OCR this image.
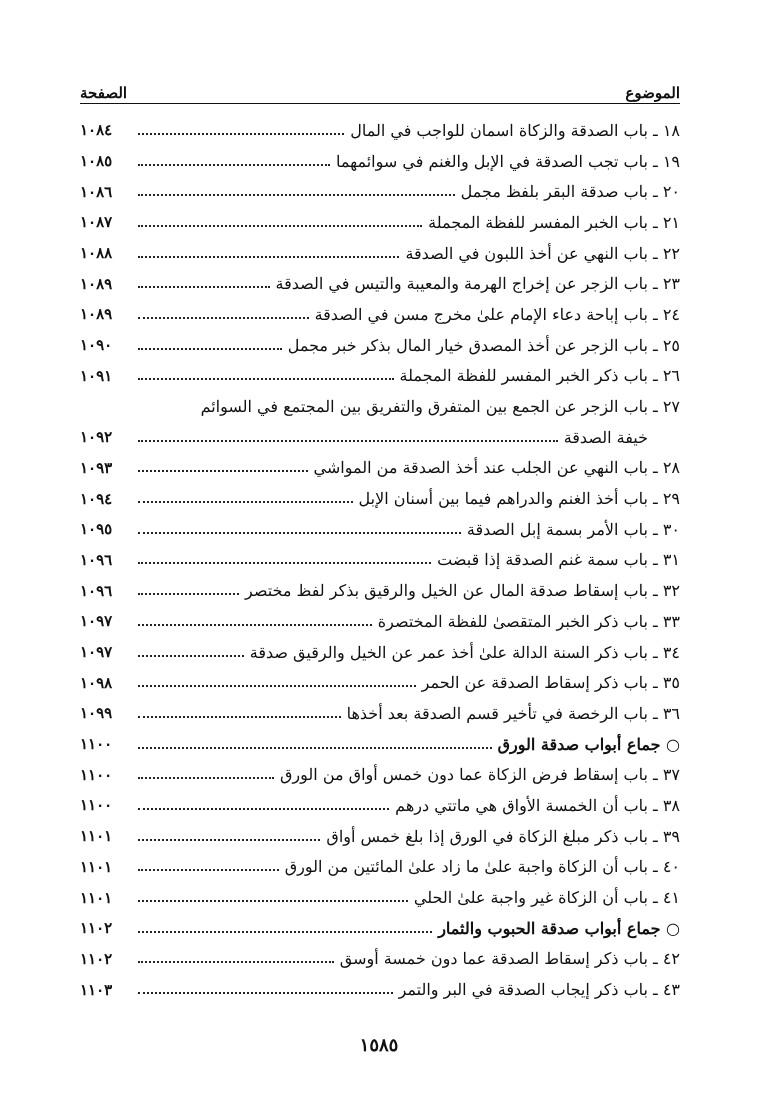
الموضوع
الصفحة
١٨ ـ باب الصدقة والزكاة اسمان للواجب في المال
١٠٨٤
١٩ ـ باب تجب الصدقة في الإبل والغنم في سوائمهما
١٠٨٥
٢٠ ـ باب صدقة البقر بلفظ مجمل
١٠٨٦
٢١ ـ باب الخبر المفسر للفظة المجملة
١٠٨٧
٢٢ ـ باب النهي عن أخذ اللبون في الصدقة
١٠٨٨
٢٣ ـ باب الزجر عن إخراج الهرمة والمعيبة والتيس في الصدقة
١٠٨٩
٢٤ ـ باب إباحة دعاء الإمام علىٰ مخرج مسن في الصدقة
١٠٨٩
٢٥ ـ باب الزجر عن أخذ المصدق خيار المال بذكر خبر مجمل
١٠٩٠
٢٦ ـ باب ذكر الخبر المفسر للفظة المجملة
١٠٩١
٢٧ ـ باب الزجر عن الجمع بين المتفرق والتفريق بين المجتمع في السوائم
خيفة الصدقة
١٠٩٢
٢٨ ـ باب النهي عن الجلب عند أخذ الصدقة من المواشي
١٠٩٣
٢٩ ـ باب أخذ الغنم والدراهم فيما بين أسنان الإبل
١٠٩٤
٣٠ ـ باب الأمر بسمة إبل الصدقة
١٠٩٥
٣١ ـ باب سمة غنم الصدقة إذا قبضت
١٠٩٦
٣٢ ـ باب إسقاط صدقة المال عن الخيل والرقيق بذكر لفظ مختصر
١٠٩٦
٣٣ ـ باب ذكر الخبر المتقصىٰ للفظة المختصرة
١٠٩٧
٣٤ ـ باب ذكر السنة الدالة علىٰ أخذ عمر عن الخيل والرقيق صدقة
١٠٩٧
٣٥ ـ باب ذكر إسقاط الصدقة عن الحمر
١٠٩٨
٣٦ ـ باب الرخصة في تأخير قسم الصدقة بعد أخذها
١٠٩٩
○ جماع أبواب صدقة الورق
١١٠٠
٣٧ ـ باب إسقاط فرض الزكاة عما دون خمس أواق من الورق
١١٠٠
٣٨ ـ باب أن الخمسة الأواق هي ماتتي درهم
١١٠٠
٣٩ ـ باب ذكر مبلغ الزكاة في الورق إذا بلغ خمس أواق
١١٠١
٤٠ ـ باب أن الزكاة واجبة علىٰ ما زاد علىٰ المائتين من الورق
١١٠١
٤١ ـ باب أن الزكاة غير واجبة علىٰ الحلي
١١٠١
○ جماع أبواب صدقة الحبوب والثمار
١١٠٢
٤٢ ـ باب ذكر إسقاط الصدقة عما دون خمسة أوسق
١١٠٢
٤٣ ـ باب ذكر إيجاب الصدقة في البر والتمر
١١٠٣
١٥٨٥
